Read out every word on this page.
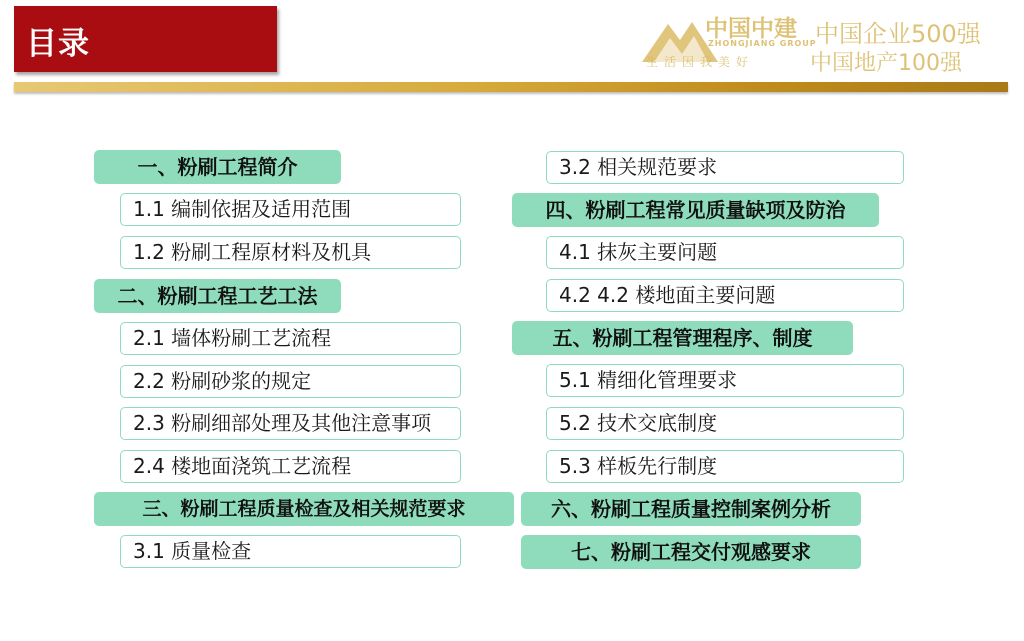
目录	中国中建
ZHONGJIANG GROUP
生活因我美好
中国企业500强
中国地产100强
一、粉刷工程简介
1.1 编制依据及适用范围
1.2 粉刷工程原材料及机具
二、粉刷工程工艺工法
2.1 墙体粉刷工艺流程
2.2 粉刷砂浆的规定
2.3 粉刷细部处理及其他注意事项
2.4 楼地面浇筑工艺流程
三、粉刷工程质量检查及相关规范要求
3.1 质量检查
3.2 相关规范要求
四、粉刷工程常见质量缺项及防治
4.1 抹灰主要问题
4.2 4.2 楼地面主要问题
五、粉刷工程管理程序、制度
5.1 精细化管理要求
5.2 技术交底制度
5.3 样板先行制度
六、粉刷工程质量控制案例分析
七、粉刷工程交付观感要求
